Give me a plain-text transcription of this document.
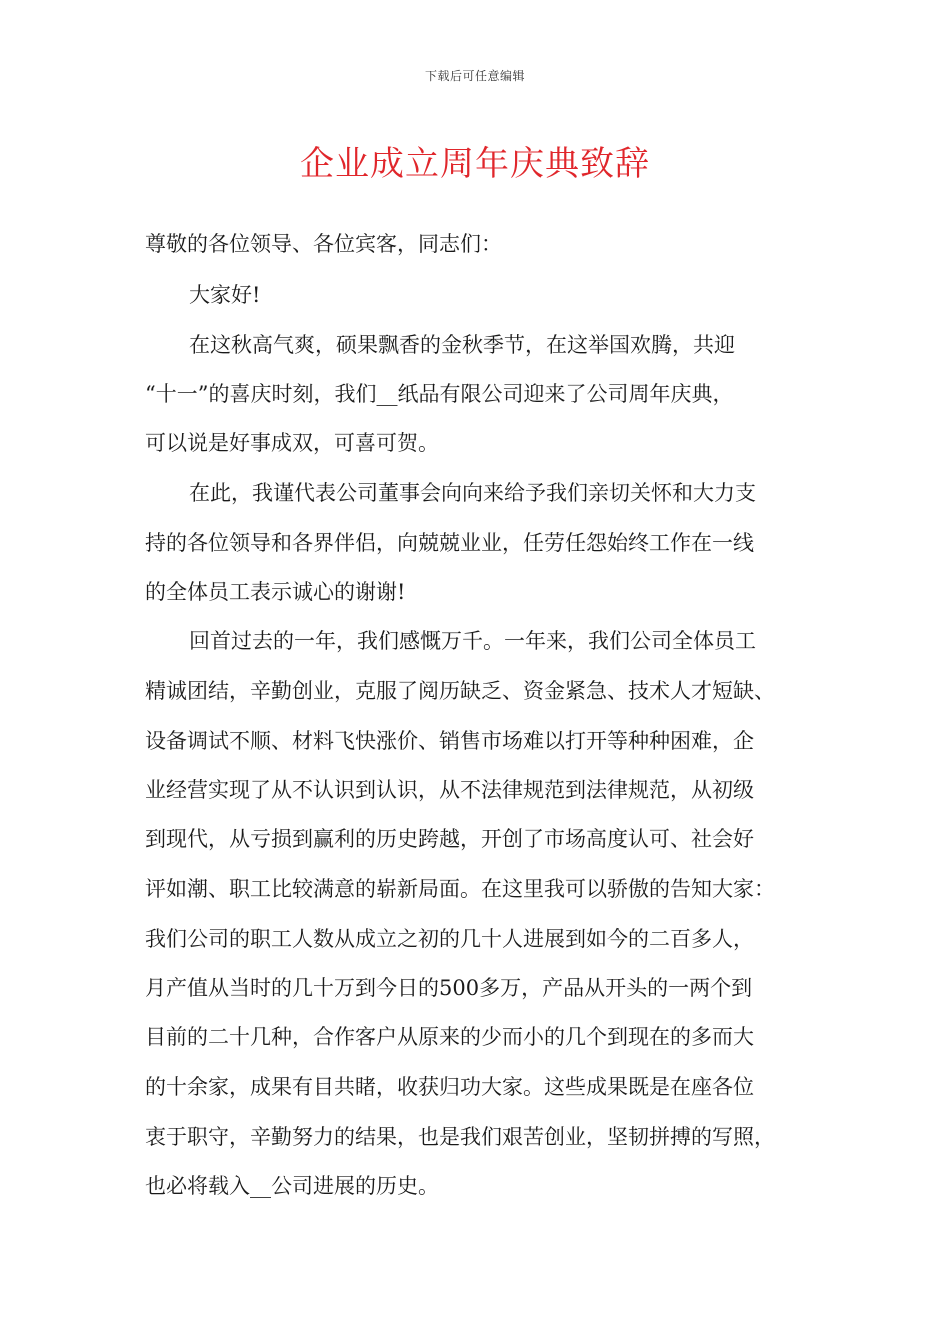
下载后可任意编辑
企业成立周年庆典致辞
尊敬的各位领导、各位宾客，同志们：
大家好!
在这秋高气爽，硕果飘香的金秋季节，在这举国欢腾，共迎
“十一”的喜庆时刻，我们__纸品有限公司迎来了公司周年庆典，
可以说是好事成双，可喜可贺。
在此，我谨代表公司董事会向向来给予我们亲切关怀和大力支
持的各位领导和各界伴侣，向兢兢业业，任劳任怨始终工作在一线
的全体员工表示诚心的谢谢!
回首过去的一年，我们感慨万千。一年来，我们公司全体员工
精诚团结，辛勤创业，克服了阅历缺乏、资金紧急、技术人才短缺、
设备调试不顺、材料飞快涨价、销售市场难以打开等种种困难，企
业经营实现了从不认识到认识，从不法律规范到法律规范，从初级
到现代，从亏损到赢利的历史跨越，开创了市场高度认可、社会好
评如潮、职工比较满意的崭新局面。在这里我可以骄傲的告知大家：
我们公司的职工人数从成立之初的几十人进展到如今的二百多人，
月产值从当时的几十万到今日的500多万，产品从开头的一两个到
目前的二十几种，合作客户从原来的少而小的几个到现在的多而大
的十余家，成果有目共睹，收获归功大家。这些成果既是在座各位
衷于职守，辛勤努力的结果，也是我们艰苦创业，坚韧拼搏的写照，
也必将载入__公司进展的历史。
